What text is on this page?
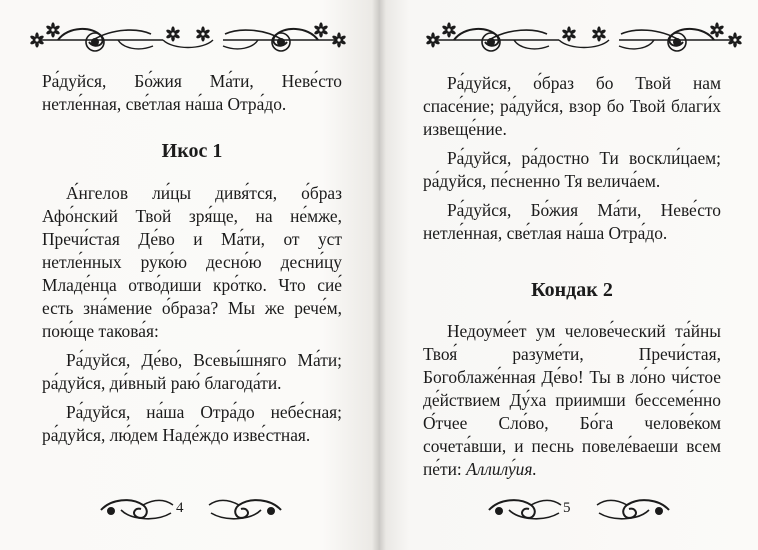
Ра́дуйся, Бо́жия Ма́ти, Неве́сто нетле́нная, све́тлая на́ша Отра́до.

Икос 1

А́нгелов ли́цы дивя́тся, о́браз Афо́нский Твой зря́ще, на не́мже, Пречи́стая Де́во и Ма́ти, от уст нетле́нных руко́ю десно́ю десни́цу Младе́нца отво́диши кро́тко. Что сие́ есть зна́мение о́браза? Мы же рече́м, пою́ще такова́я:

Ра́дуйся, Де́во, Всевы́шняго Ма́ти; ра́дуйся, ди́вный раю́ благода́ти.

Ра́дуйся, на́ша Отра́до небе́сная; ра́дуйся, лю́дем Наде́ждо изве́стная.

4

Ра́дуйся, о́браз бо Твой нам спасе́ние; ра́дуйся, взор бо Твой благи́х извеще́ние.

Ра́дуйся, ра́достно Ти воскли́цаем; ра́дуйся, пе́сненно Тя велича́ем.

Ра́дуйся, Бо́жия Ма́ти, Неве́сто нетле́нная, све́тлая на́ша Отра́до.

Кондак 2

Недоуме́ет ум челове́ческий та́йны Твоя́ разуме́ти, Пречи́стая, Богоблаже́нная Де́во! Ты в ло́но чи́стое де́йствием Ду́ха приимши бессеме́нно О́тчее Сло́во, Бо́га челове́ком сочета́вши, и песнь повеле́ваеши всем пе́ти: Аллилу́ия.

5
